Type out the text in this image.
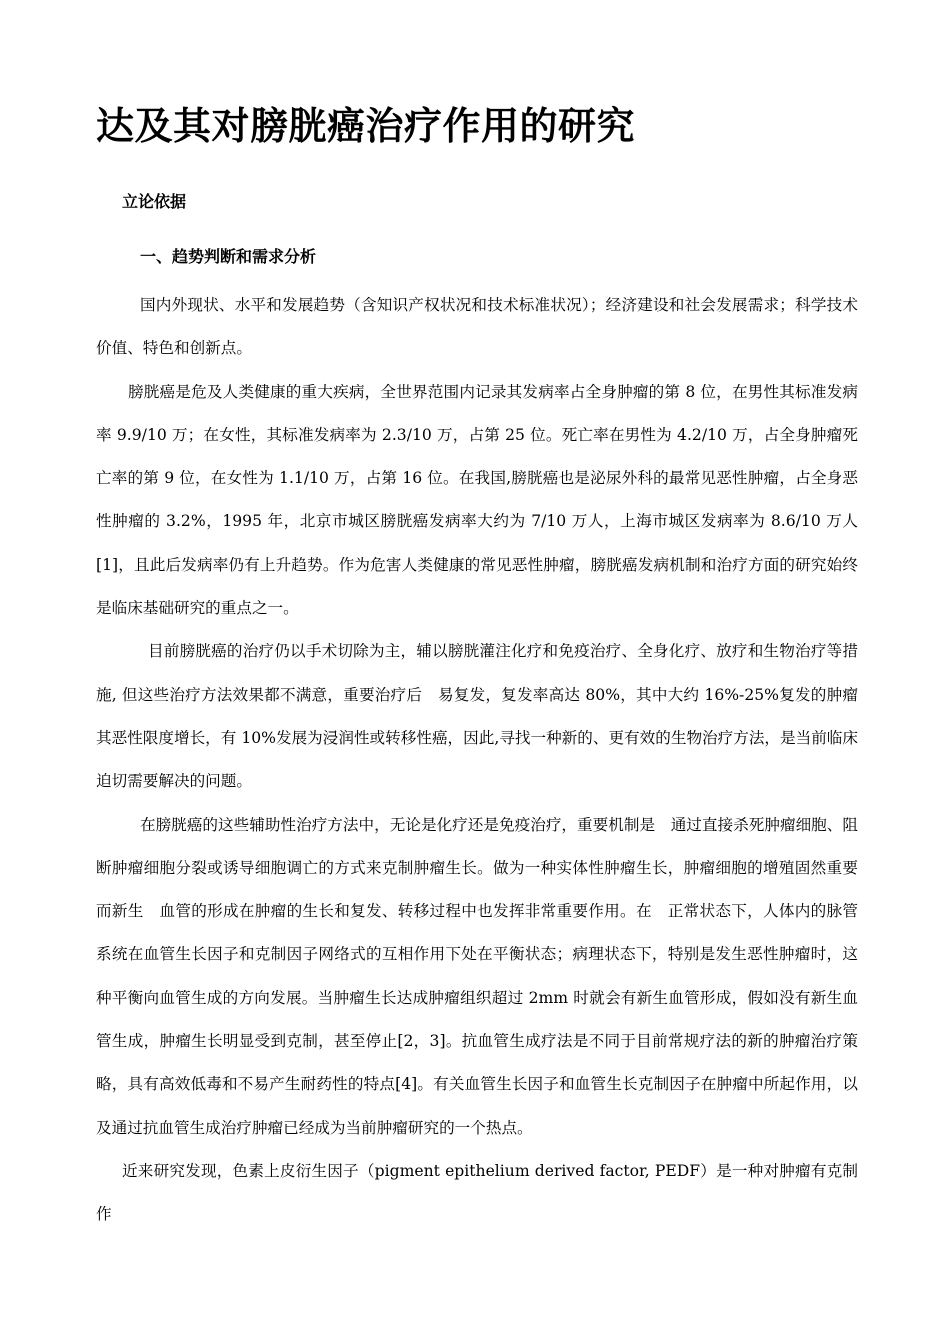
达及其对膀胱癌治疗作用的研究
立论依据
一、趋势判断和需求分析

国内外现状、水平和发展趋势（含知识产权状况和技术标准状况）；经济建设和社会发展需求；科学技术价值、特色和创新点。

膀胱癌是危及人类健康的重大疾病，全世界范围内记录其发病率占全身肿瘤的第 8 位，在男性其标准发病率 9.9/10 万；在女性，其标准发病率为 2.3/10 万，占第 25 位。死亡率在男性为 4.2/10 万，占全身肿瘤死亡率的第 9 位，在女性为 1.1/10 万，占第 16 位。在我国,膀胱癌也是泌尿外科的最常见恶性肿瘤，占全身恶性肿瘤的 3.2%，1995 年，北京市城区膀胱癌发病率大约为 7/10 万人，上海市城区发病率为 8.6/10 万人[1]，且此后发病率仍有上升趋势。作为危害人类健康的常见恶性肿瘤，膀胱癌发病机制和治疗方面的研究始终是临床基础研究的重点之一。

目前膀胱癌的治疗仍以手术切除为主，辅以膀胱灌注化疗和免疫治疗、全身化疗、放疗和生物治疗等措施, 但这些治疗方法效果都不满意，重要治疗后　易复发，复发率高达 80%，其中大约 16%-25%复发的肿瘤其恶性限度增长，有 10%发展为浸润性或转移性癌，因此,寻找一种新的、更有效的生物治疗方法，是当前临床迫切需要解决的问题。

在膀胱癌的这些辅助性治疗方法中，无论是化疗还是免疫治疗，重要机制是　通过直接杀死肿瘤细胞、阻断肿瘤细胞分裂或诱导细胞调亡的方式来克制肿瘤生长。做为一种实体性肿瘤生长，肿瘤细胞的增殖固然重要而新生　血管的形成在肿瘤的生长和复发、转移过程中也发挥非常重要作用。在　正常状态下，人体内的脉管系统在血管生长因子和克制因子网络式的互相作用下处在平衡状态；病理状态下，特别是发生恶性肿瘤时，这种平衡向血管生成的方向发展。当肿瘤生长达成肿瘤组织超过 2mm 时就会有新生血管形成，假如没有新生血管生成，肿瘤生长明显受到克制，甚至停止[2，3]。抗血管生成疗法是不同于目前常规疗法的新的肿瘤治疗策略，具有高效低毒和不易产生耐药性的特点[4]。有关血管生长因子和血管生长克制因子在肿瘤中所起作用，以及通过抗血管生成治疗肿瘤已经成为当前肿瘤研究的一个热点。

近来研究发现，色素上皮衍生因子（pigment epithelium derived factor, PEDF）是一种对肿瘤有克制作
